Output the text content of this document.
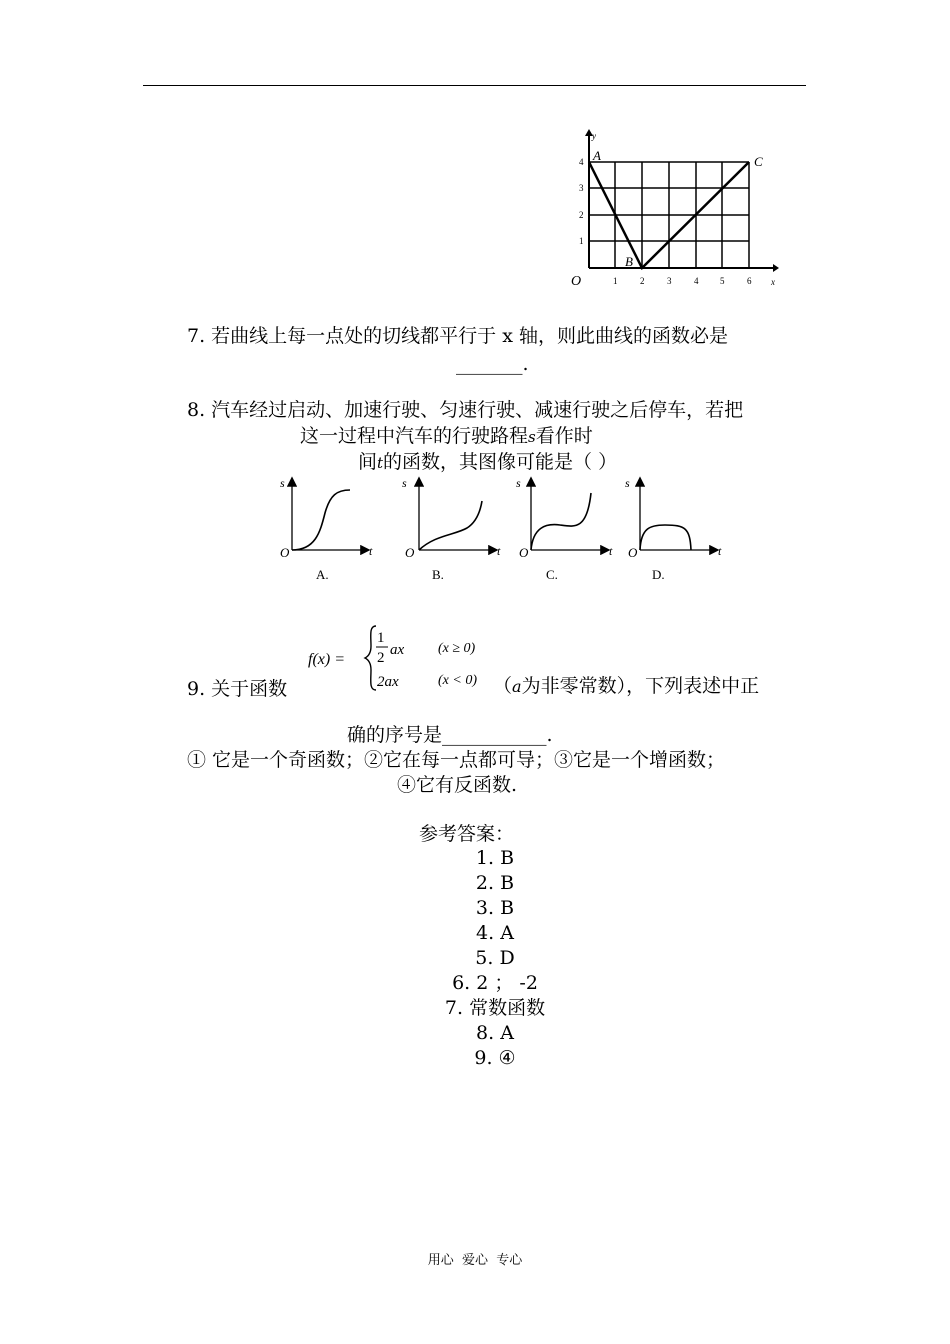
A
B
C
O
y
x
1	2	3	4 5	6
1
2
3
4
7. 若曲线上每一点处的切线都平行于 x 轴，则此曲线的函数必是
_______.
8. 汽车经过启动、加速行驶、匀速行驶、减速行驶之后停车，若把
这一过程中汽车的行驶路程s看作时
间t的函数，其图像可能是（ ）
s
t
O
A.
s
t
O
B.
s
t
O
C.
s
t
O
D.
f(x) =
1
2 ax (x ≥ 0)
2ax	(x < 0)
9. 关于函数	（a为非零常数），下列表述中正
确的序号是___________.
① 它是一个奇函数；②它在每一点都可导；③它是一个增函数；
④它有反函数.
参考答案：
1. B
2. B
3. B
4. A
5. D
6. 2 ； -2
7. 常数函数
8. A
9. ④
用心  爱心  专心
